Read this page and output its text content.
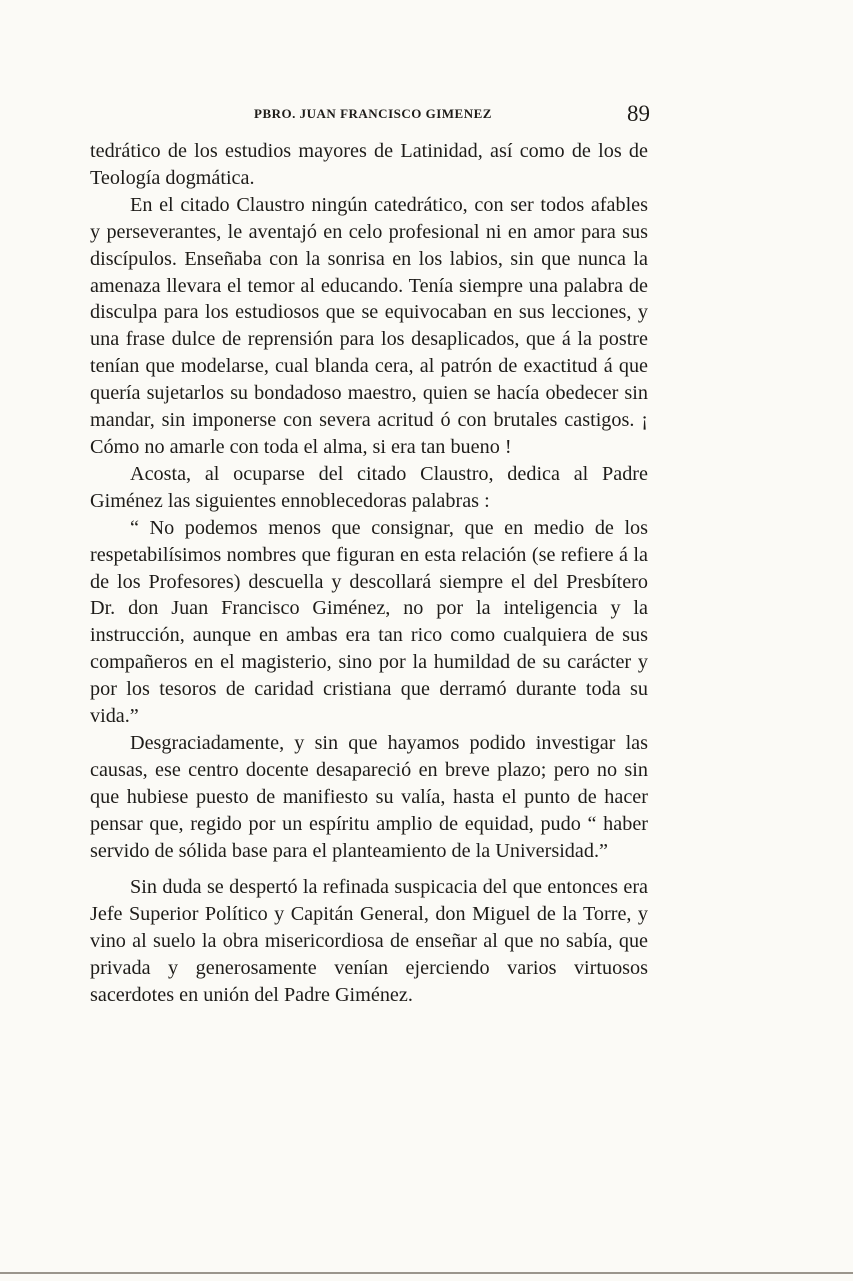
PBRO. JUAN FRANCISCO GIMENEZ	89

tedrático de los estudios mayores de Latinidad, así como de los de Teología dogmática.

En el citado Claustro ningún catedrático, con ser todos afables y perseverantes, le aventajó en celo profesional ni en amor para sus discípulos. Enseñaba con la sonrisa en los labios, sin que nunca la amenaza llevara el temor al educando. Tenía siempre una palabra de disculpa para los estudiosos que se equivocaban en sus lecciones, y una frase dulce de reprensión para los desaplicados, que á la postre tenían que modelarse, cual blanda cera, al patrón de exactitud á que quería sujetarlos su bondadoso maestro, quien se hacía obedecer sin mandar, sin imponerse con severa acritud ó con brutales castigos. ¡ Cómo no amarle con toda el alma, si era tan bueno !

Acosta, al ocuparse del citado Claustro, dedica al Padre Giménez las siguientes ennoblecedoras palabras :

“ No podemos menos que consignar, que en medio de los respetabilísimos nombres que figuran en esta relación (se refiere á la de los Profesores) descuella y descollará siempre el del Presbítero Dr. don Juan Francisco Giménez, no por la inteligencia y la instrucción, aunque en ambas era tan rico como cualquiera de sus compañeros en el magisterio, sino por la humildad de su carácter y por los tesoros de caridad cristiana que derramó durante toda su vida.”

Desgraciadamente, y sin que hayamos podido investigar las causas, ese centro docente desapareció en breve plazo; pero no sin que hubiese puesto de manifiesto su valía, hasta el punto de hacer pensar que, regido por un espíritu amplio de equidad, pudo “ haber servido de sólida base para el planteamiento de la Universidad.”

Sin duda se despertó la refinada suspicacia del que entonces era Jefe Superior Político y Capitán General, don Miguel de la Torre, y vino al suelo la obra misericordiosa de enseñar al que no sabía, que privada y generosamente venían ejerciendo varios virtuosos sacerdotes en unión del Padre Giménez.
